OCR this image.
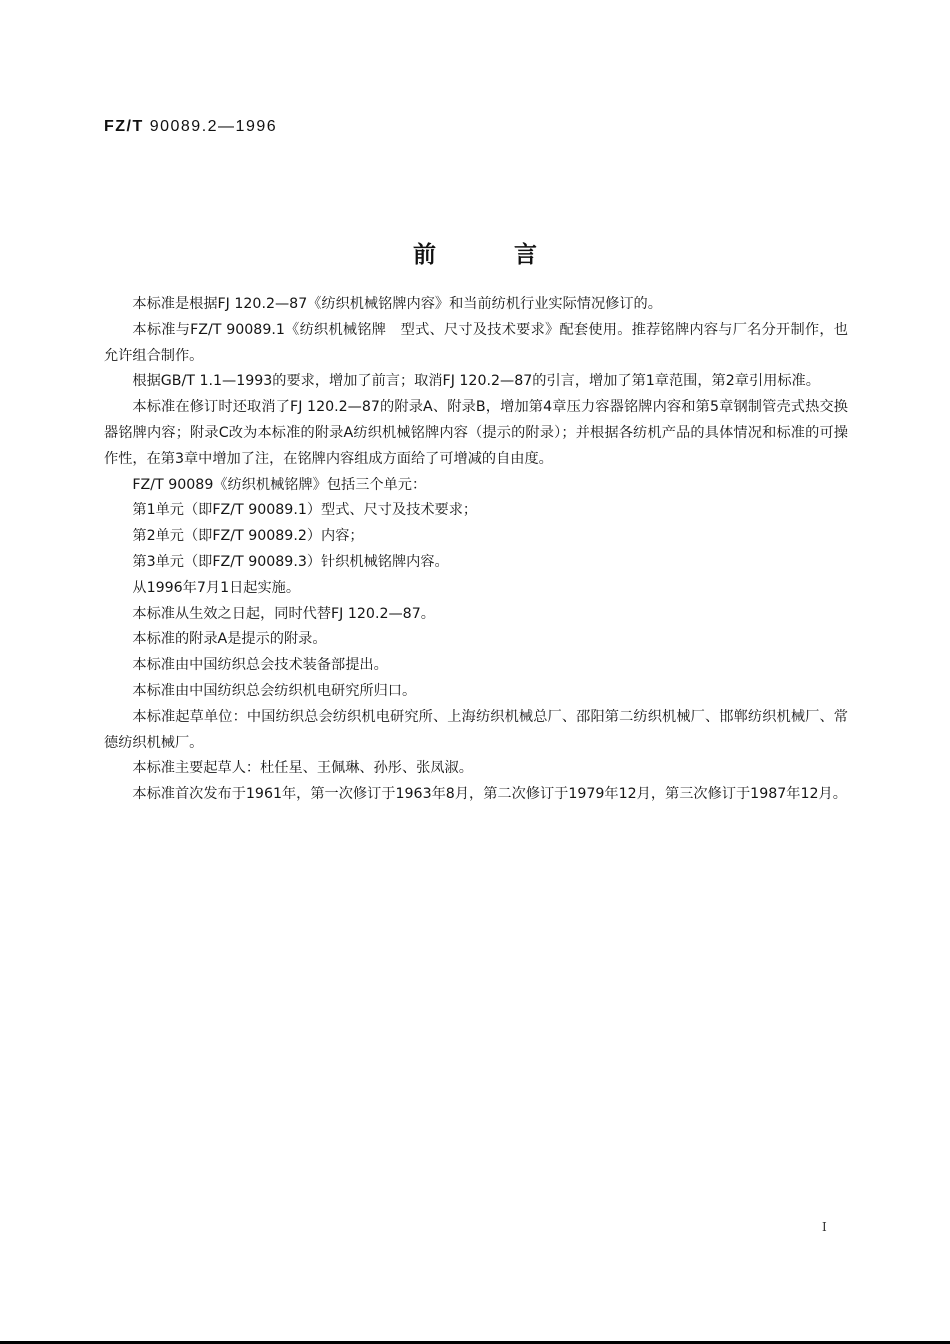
FZ/T 90089.2—1996
前言

本标准是根据FJ 120.2—87《纺织机械铭牌内容》和当前纺机行业实际情况修订的。

本标准与FZ/T 90089.1《纺织机械铭牌　型式、尺寸及技术要求》配套使用。推荐铭牌内容与厂名分开制作，也允许组合制作。

根据GB/T 1.1—1993的要求，增加了前言；取消FJ 120.2—87的引言，增加了第1章范围，第2章引用标准。

本标准在修订时还取消了FJ 120.2—87的附录A、附录B，增加第4章压力容器铭牌内容和第5章钢制管壳式热交换器铭牌内容；附录C改为本标准的附录A纺织机械铭牌内容（提示的附录）；并根据各纺机产品的具体情况和标准的可操作性，在第3章中增加了注，在铭牌内容组成方面给了可增减的自由度。

FZ/T 90089《纺织机械铭牌》包括三个单元：

第1单元（即FZ/T 90089.1）型式、尺寸及技术要求；

第2单元（即FZ/T 90089.2）内容；

第3单元（即FZ/T 90089.3）针织机械铭牌内容。

从1996年7月1日起实施。

本标准从生效之日起，同时代替FJ 120.2—87。

本标准的附录A是提示的附录。

本标准由中国纺织总会技术装备部提出。

本标准由中国纺织总会纺织机电研究所归口。

本标准起草单位：中国纺织总会纺织机电研究所、上海纺织机械总厂、邵阳第二纺织机械厂、邯郸纺织机械厂、常德纺织机械厂。

本标准主要起草人：杜任星、王佩琳、孙彤、张凤淑。

本标准首次发布于1961年，第一次修订于1963年8月，第二次修订于1979年12月，第三次修订于1987年12月。

I
